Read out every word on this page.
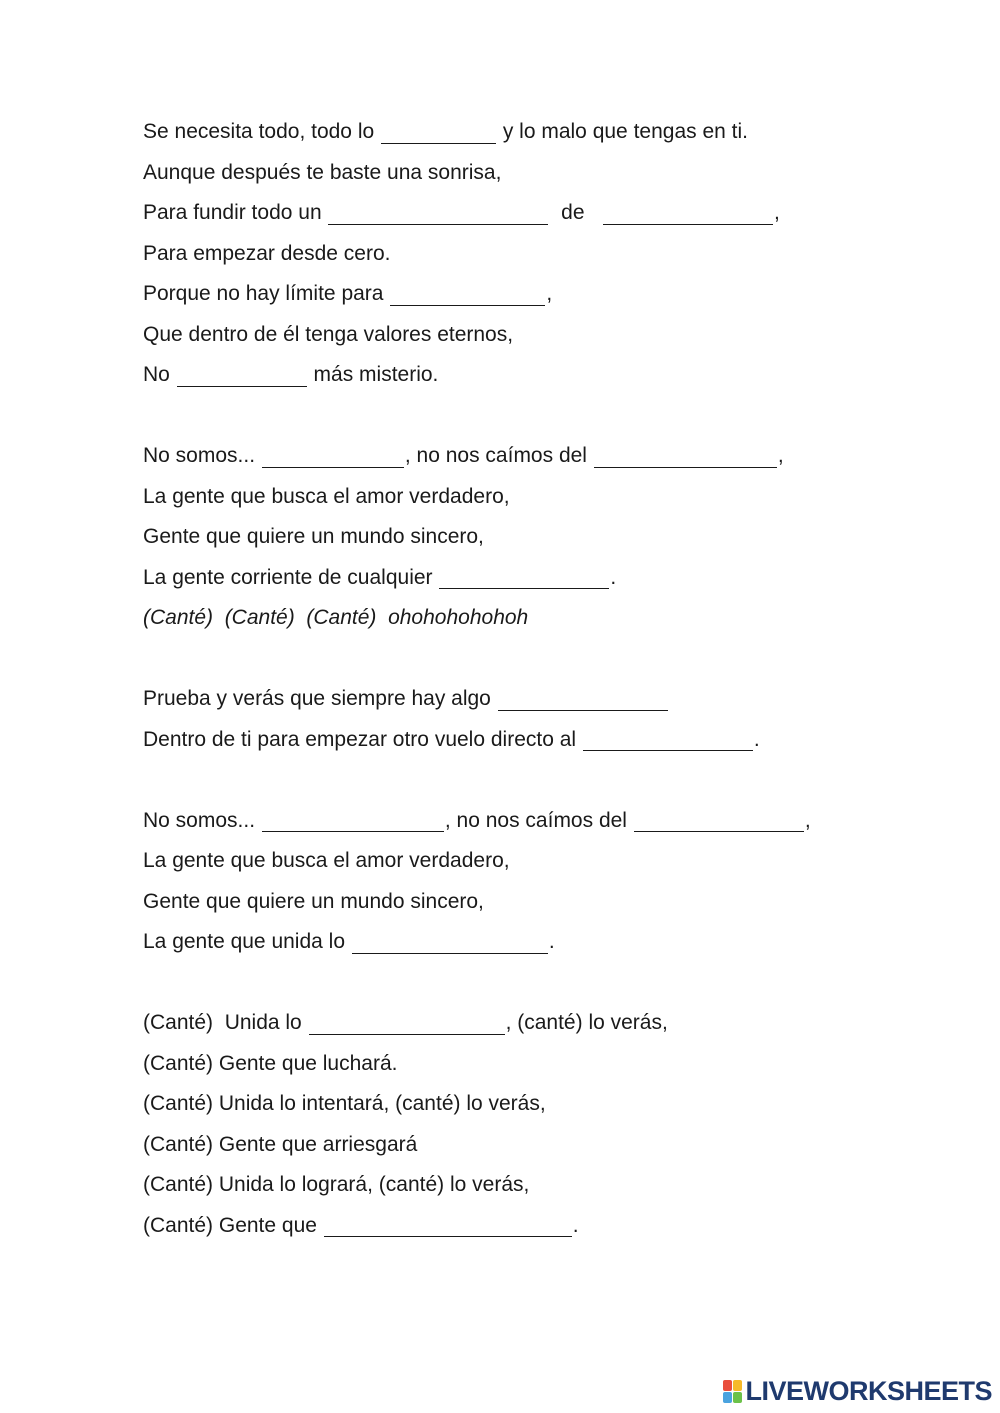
Se necesita todo, todo lo	y lo malo que tengas en ti.
Aunque después te baste una sonrisa,
Para fundir todo un	de	,
Para empezar desde cero.
Porque no hay límite para	,
Que dentro de él tenga valores eternos,
No	más misterio.
No somos...	, no nos caímos del	,
La gente que busca el amor verdadero,
Gente que quiere un mundo sincero,
La gente corriente de cualquier	.
(Canté)  (Canté)  (Canté)  ohohohohohoh
Prueba y verás que siempre hay algo
Dentro de ti para empezar otro vuelo directo al	.
No somos...	, no nos caímos del	,
La gente que busca el amor verdadero,
Gente que quiere un mundo sincero,
La gente que unida lo	.
(Canté)  Unida lo	, (canté) lo verás,
(Canté) Gente que luchará.
(Canté) Unida lo intentará, (canté) lo verás,
(Canté) Gente que arriesgará
(Canté) Unida lo logrará, (canté) lo verás,
(Canté) Gente que	.
LIVEWORKSHEETS
